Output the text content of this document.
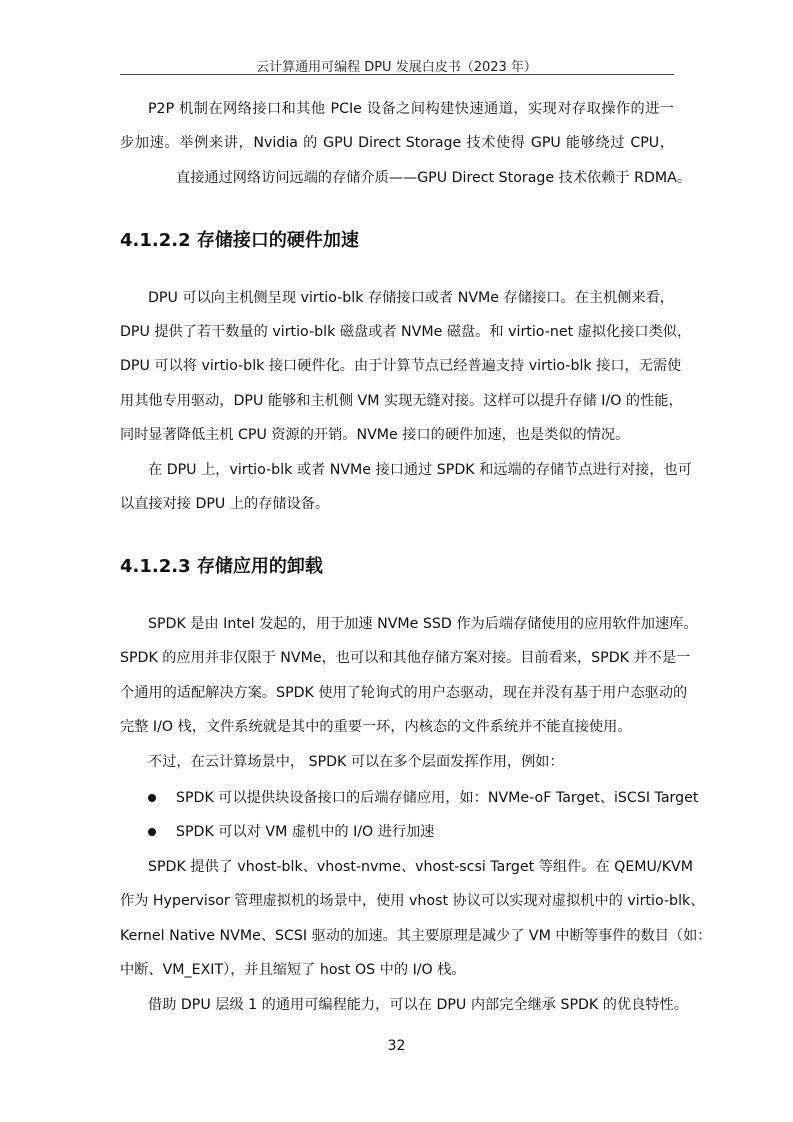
云计算通用可编程 DPU 发展白皮书（2023 年）
P2P 机制在网络接口和其他 PCIe 设备之间构建快速通道，实现对存取操作的进一
步加速。举例来讲，Nvidia 的 GPU Direct Storage 技术使得 GPU 能够绕过 CPU，
直接通过网络访问远端的存储介质——GPU Direct Storage 技术依赖于 RDMA。
4.1.2.2 存储接口的硬件加速
DPU 可以向主机侧呈现 virtio-blk 存储接口或者 NVMe 存储接口。在主机侧来看，
DPU 提供了若干数量的 virtio-blk 磁盘或者 NVMe 磁盘。和 virtio-net 虚拟化接口类似，
DPU 可以将 virtio-blk 接口硬件化。由于计算节点已经普遍支持 virtio-blk 接口，无需使
用其他专用驱动，DPU 能够和主机侧 VM 实现无缝对接。这样可以提升存储 I/O 的性能，
同时显著降低主机 CPU 资源的开销。NVMe 接口的硬件加速，也是类似的情况。
在 DPU 上，virtio-blk 或者 NVMe 接口通过 SPDK 和远端的存储节点进行对接，也可
以直接对接 DPU 上的存储设备。
4.1.2.3 存储应用的卸载
SPDK 是由 Intel 发起的，用于加速 NVMe SSD 作为后端存储使用的应用软件加速库。
SPDK 的应用并非仅限于 NVMe，也可以和其他存储方案对接。目前看来，SPDK 并不是一
个通用的适配解决方案。SPDK 使用了轮询式的用户态驱动，现在并没有基于用户态驱动的
完整 I/O 栈，文件系统就是其中的重要一环，内核态的文件系统并不能直接使用。
不过，在云计算场景中， SPDK 可以在多个层面发挥作用，例如：
SPDK 可以提供块设备接口的后端存储应用，如：NVMe-oF Target、iSCSI Target
SPDK 可以对 VM 虚机中的 I/O 进行加速
SPDK 提供了 vhost-blk、vhost-nvme、vhost-scsi Target 等组件。在 QEMU/KVM
作为 Hypervisor 管理虚拟机的场景中，使用 vhost 协议可以实现对虚拟机中的 virtio-blk、
Kernel Native NVMe、SCSI 驱动的加速。其主要原理是减少了 VM 中断等事件的数目（如：
中断、VM_EXIT），并且缩短了 host OS 中的 I/O 栈。
借助 DPU 层级 1 的通用可编程能力，可以在 DPU 内部完全继承 SPDK 的优良特性。
32
